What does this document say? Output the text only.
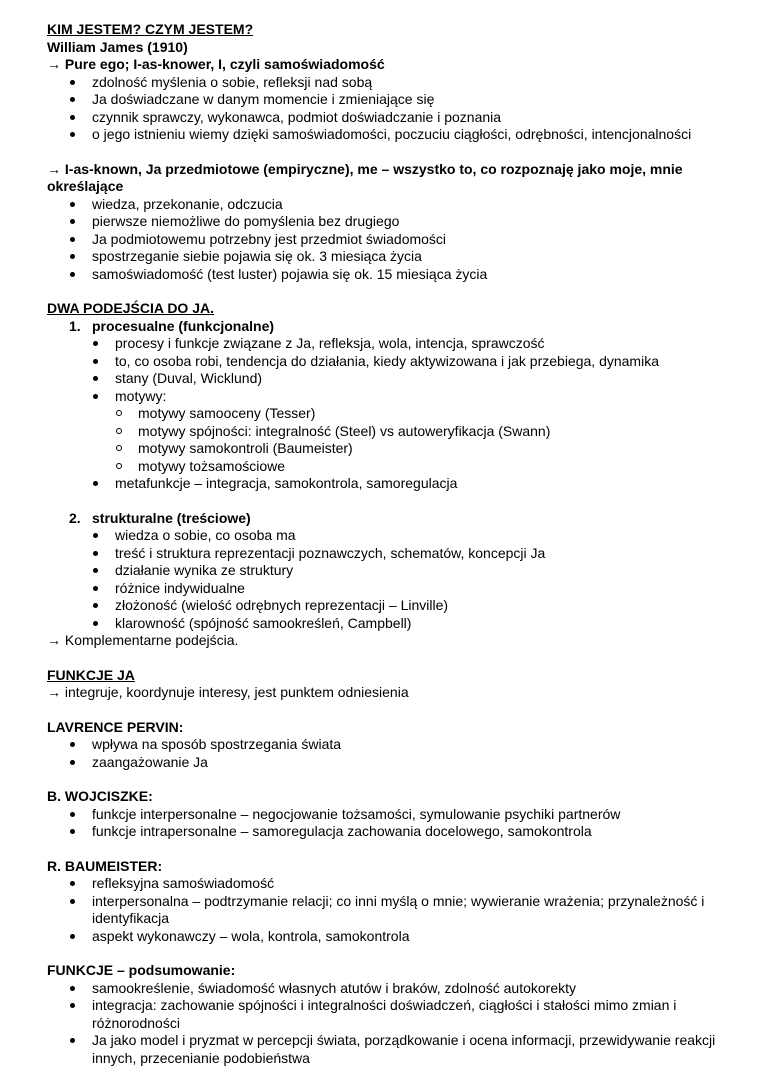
KIM JESTEM? CZYM JESTEM?
William James (1910)
→ Pure ego; I-as-knower, I, czyli samoświadomość
zdolność myślenia o sobie, refleksji nad sobą
Ja doświadczane w danym momencie i zmieniające się
czynnik sprawczy, wykonawca, podmiot doświadczanie i poznania
o jego istnieniu wiemy dzięki samoświadomości, poczuciu ciągłości, odrębności, intencjonalności
→ I-as-known, Ja przedmiotowe (empiryczne), me – wszystko to, co rozpoznaję jako moje, mnie określające
wiedza, przekonanie, odczucia
pierwsze niemożliwe do pomyślenia bez drugiego
Ja podmiotowemu potrzebny jest przedmiot świadomości
spostrzeganie siebie pojawia się ok. 3 miesiąca życia
samoświadomość (test luster) pojawia się ok. 15 miesiąca życia
DWA PODEJŚCIA DO JA.
1. procesualne (funkcjonalne)
procesy i funkcje związane z Ja, refleksja, wola, intencja, sprawczość
to, co osoba robi, tendencja do działania, kiedy aktywizowana i jak przebiega, dynamika
stany (Duval, Wicklund)
motywy:
motywy samooceny (Tesser)
motywy spójności: integralność (Steel) vs autoweryfikacja (Swann)
motywy samokontroli (Baumeister)
motywy tożsamościowe
metafunkcje – integracja, samokontrola, samoregulacja
2. strukturalne (treściowe)
wiedza o sobie, co osoba ma
treść i struktura reprezentacji poznawczych, schematów, koncepcji Ja
działanie wynika ze struktury
różnice indywidualne
złożoność (wielość odrębnych reprezentacji – Linville)
klarowność (spójność samookreśleń, Campbell)
→ Komplementarne podejścia.
FUNKCJE JA
→ integruje, koordynuje interesy, jest punktem odniesienia
LAVRENCE PERVIN:
wpływa na sposób spostrzegania świata
zaangażowanie Ja
B. WOJCISZKE:
funkcje interpersonalne – negocjowanie tożsamości, symulowanie psychiki partnerów
funkcje intrapersonalne – samoregulacja zachowania docelowego, samokontrola
R. BAUMEISTER:
refleksyjna samoświadomość
interpersonalna – podtrzymanie relacji; co inni myślą o mnie; wywieranie wrażenia; przynależność i identyfikacja
aspekt wykonawczy – wola, kontrola, samokontrola
FUNKCJE – podsumowanie:
samookreślenie, świadomość własnych atutów i braków, zdolność autokorekty
integracja: zachowanie spójności i integralności doświadczeń, ciągłości i stałości mimo zmian i różnorodności
Ja jako model i pryzmat w percepcji świata, porządkowanie i ocena informacji, przewidywanie reakcji innych, przecenianie podobieństwa
